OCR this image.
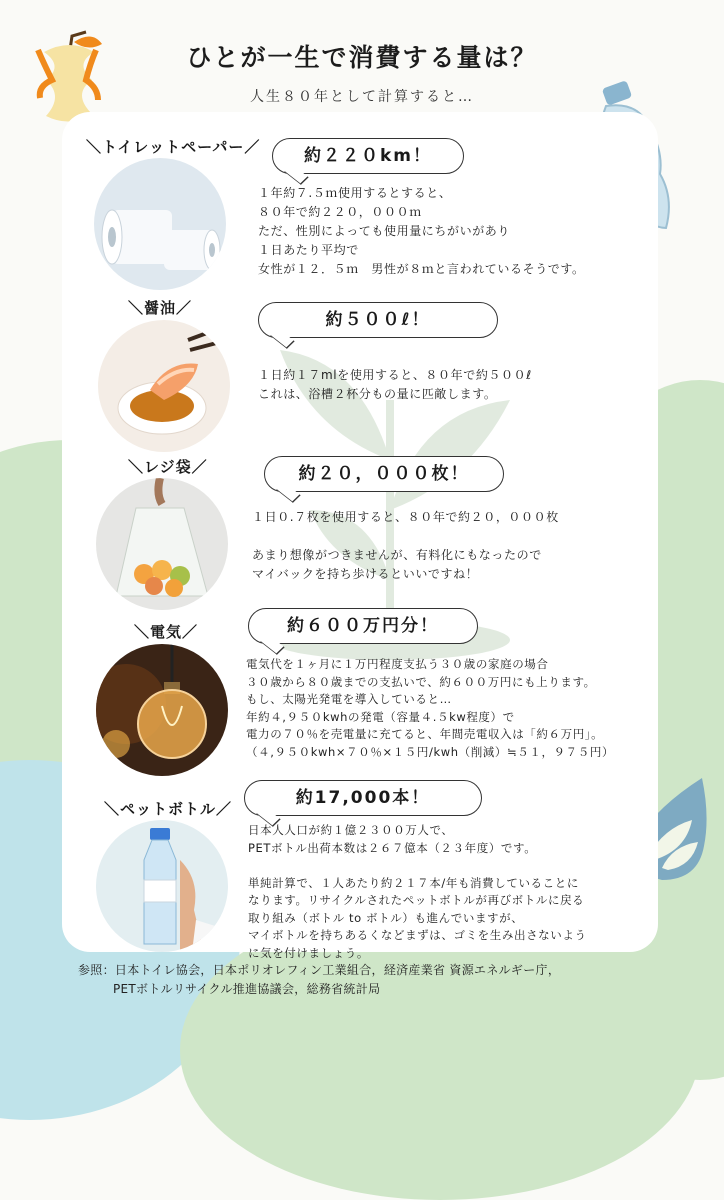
ひとが一生で消費する量は？
人生８０年として計算すると…
＼トイレットペーパー／	約２２０km！
１年約７.５ｍ使用するとすると、
８０年で約２２０，０００ｍ
ただ、性別によっても使用量にちがいがあり
１日あたり平均で
女性が１２．５ｍ　男性が８ｍと言われているそうです。
＼醤油／
約５００ℓ！
１日約１７mlを使用すると、８０年で約５００ℓ
これは、浴槽２杯分もの量に匹敵します。
＼レジ袋／	約２０，０００枚！
１日０.７枚を使用すると、８０年で約２０，０００枚

あまり想像がつきませんが、有料化にもなったので
マイバックを持ち歩けるといいですね！
＼電気／	約６００万円分！
電気代を１ヶ月に１万円程度支払う３０歳の家庭の場合
３０歳から８０歳までの支払いで、約６００万円にも上ります。
もし、太陽光発電を導入していると…
年約４,９５０kwhの発電（容量４.５kw程度）で
電力の７０％を売電量に充てると、年間売電収入は「約６万円」。
（４,９５０kwh×７０％×１５円/kwh（削減）≒５１，９７５円）
＼ペットボトル／
約17,000本！
日本人人口が約１億２３００万人で、
PETボトル出荷本数は２６７億本（２３年度）です。

単純計算で、１人あたり約２１７本/年も消費していることに
なります。リサイクルされたペットボトルが再びボトルに戻る
取り組み（ボトル to ボトル）も進んでいますが、
マイボトルを持ちあるくなどまずは、ゴミを生み出さないよう
に気を付けましょう。
参照：日本トイレ協会，日本ポリオレフィン工業組合，経済産業省 資源エネルギー庁，
PETボトルリサイクル推進協議会，総務省統計局
